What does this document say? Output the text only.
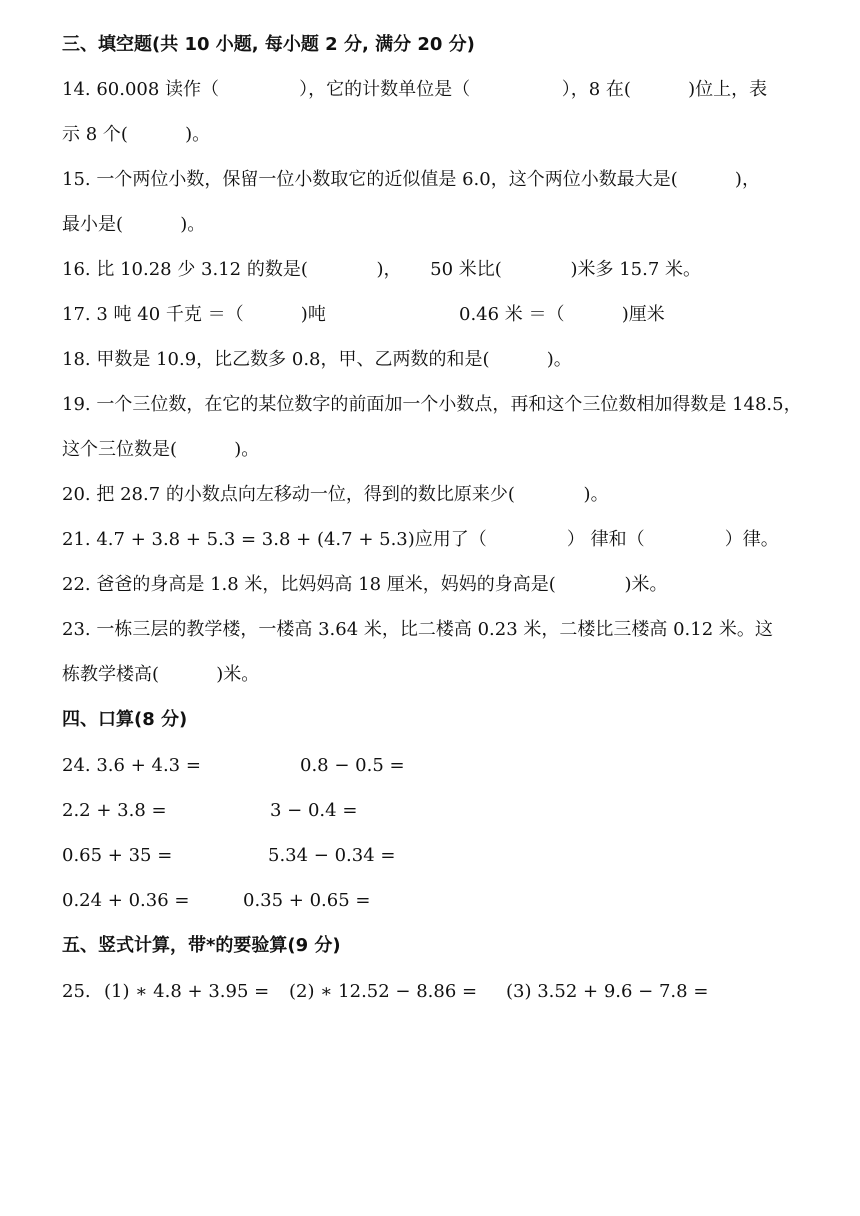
三、填空题(共 10 小题, 每小题 2 分, 满分 20 分)
14. 60.008 读作（              ），它的计数单位是（                ），8 在(          )位上，表
示 8 个(          )。
15. 一个两位小数，保留一位小数取它的近似值是 6.0，这个两位小数最大是(          )，
最小是(          )。
16. 比 10.28 少 3.12 的数是(            )，     50 米比(            )米多 15.7 米。
17. 3 吨 40 千克 ＝（          )吨	0.46 米 ＝（          )厘米
18. 甲数是 10.9，比乙数多 0.8，甲、乙两数的和是(          )。
19. 一个三位数，在它的某位数字的前面加一个小数点，再和这个三位数相加得数是 148.5，
这个三位数是(          )。
20. 把 28.7 的小数点向左移动一位，得到的数比原来少(            )。
21. 4.7 + 3.8 + 5.3 = 3.8 + (4.7 + 5.3)应用了（              ） 律和（              ）律。
22. 爸爸的身高是 1.8 米，比妈妈高 18 厘米，妈妈的身高是(            )米。
23. 一栋三层的教学楼，一楼高 3.64 米，比二楼高 0.23 米，二楼比三楼高 0.12 米。这
栋教学楼高(          )米。
四、口算(8 分)
24. 3.6 + 4.3 =	0.8 − 0.5 =
2.2 + 3.8 =	3 − 0.4 =
0.65 + 35 =	5.34 − 0.34 =
0.24 + 0.36 =	0.35 + 0.65 =
五、竖式计算，带*的要验算(9 分)
25. (1) ∗ 4.8 + 3.95 = (2) ∗ 12.52 − 8.86 = (3) 3.52 + 9.6 − 7.8 =
